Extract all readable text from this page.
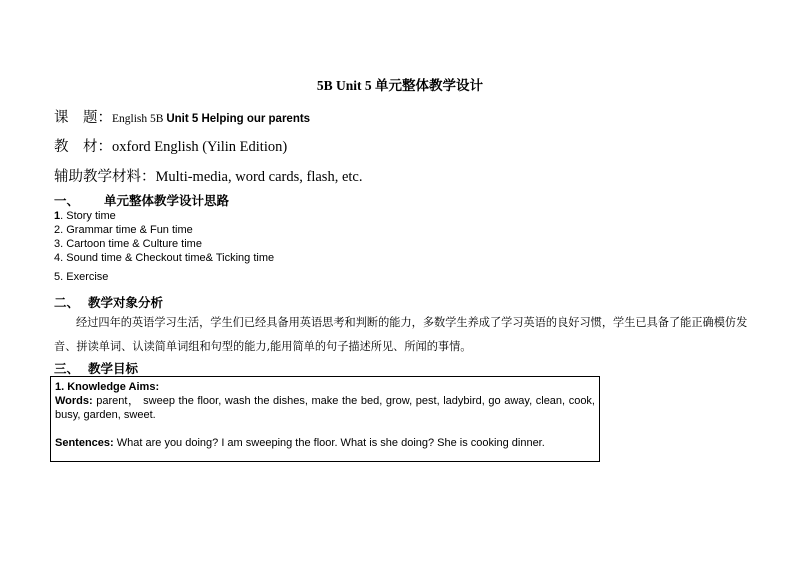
5B Unit 5 单元整体教学设计
课　题：English 5B Unit 5 Helping our parents
教　材：oxford English (Yilin Edition)
辅助教学材料：Multi-media, word cards, flash, etc.
一、 单元整体教学设计思路
1. Story time
2. Grammar time & Fun time
3. Cartoon time & Culture time
4. Sound time & Checkout time& Ticking time
5. Exercise
二、 教学对象分析
经过四年的英语学习生活，学生们已经具备用英语思考和判断的能力，多数学生养成了学习英语的良好习惯，学生已具备了能正确模仿发音、拼读单词、认读简单词组和句型的能力,能用简单的句子描述所见、所闻的事情。
三、 教学目标

1. Knowledge Aims:

Words: parent， sweep the floor, wash the dishes, make the bed, grow, pest, ladybird, go away, clean, cook, busy, garden, sweet.

Sentences: What are you doing? I am sweeping the floor. What is she doing? She is cooking dinner.
